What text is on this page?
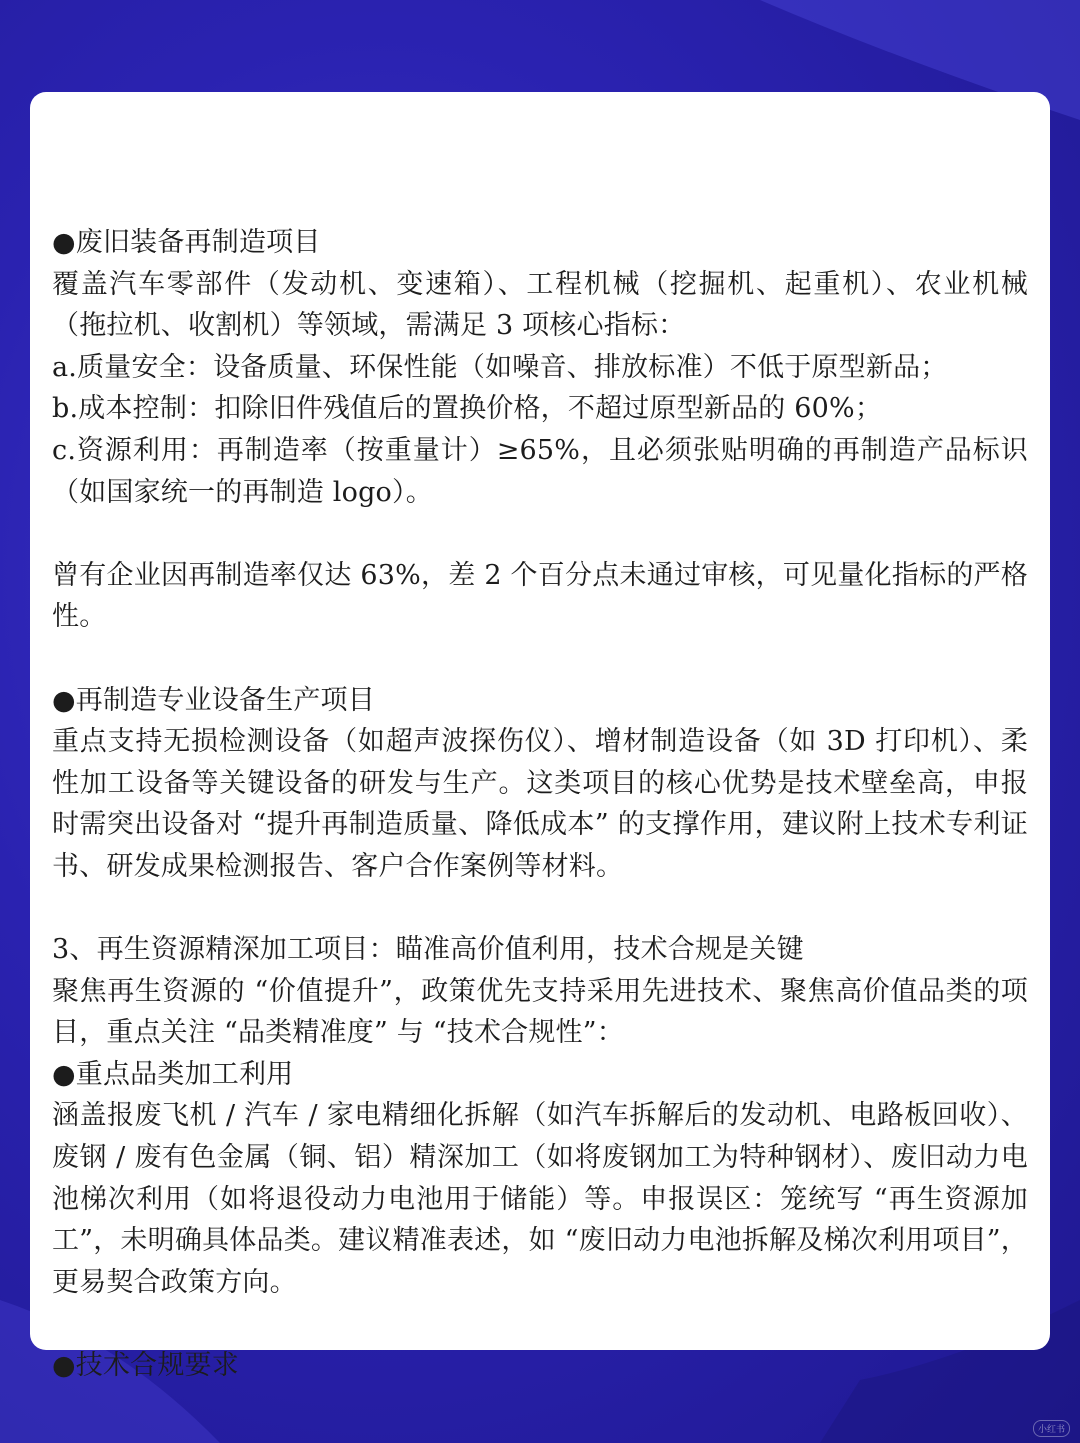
●废旧装备再制造项目

覆盖汽车零部件（发动机、变速箱）、工程机械（挖掘机、起重机）、农业机械（拖拉机、收割机）等领域，需满足 3 项核心指标：

a.质量安全：设备质量、环保性能（如噪音、排放标准）不低于原型新品；

b.成本控制：扣除旧件残值后的置换价格，不超过原型新品的 60%；

c.资源利用：再制造率（按重量计）≥65%，且必须张贴明确的再制造产品标识（如国家统一的再制造 logo）。

曾有企业因再制造率仅达 63%，差 2 个百分点未通过审核，可见量化指标的严格性。

●再制造专业设备生产项目

重点支持无损检测设备（如超声波探伤仪）、增材制造设备（如 3D 打印机）、柔性加工设备等关键设备的研发与生产。这类项目的核心优势是技术壁垒高，申报时需突出设备对 “提升再制造质量、降低成本” 的支撑作用，建议附上技术专利证书、研发成果检测报告、客户合作案例等材料。

3、再生资源精深加工项目：瞄准高价值利用，技术合规是关键

聚焦再生资源的 “价值提升”，政策优先支持采用先进技术、聚焦高价值品类的项目，重点关注 “品类精准度” 与 “技术合规性”：

●重点品类加工利用

涵盖报废飞机 / 汽车 / 家电精细化拆解（如汽车拆解后的发动机、电路板回收）、废钢 / 废有色金属（铜、铝）精深加工（如将废钢加工为特种钢材）、废旧动力电池梯次利用（如将退役动力电池用于储能）等。申报误区：笼统写 “再生资源加工”，未明确具体品类。建议精准表述，如 “废旧动力电池拆解及梯次利用项目”，更易契合政策方向。

●技术合规要求

小红书
